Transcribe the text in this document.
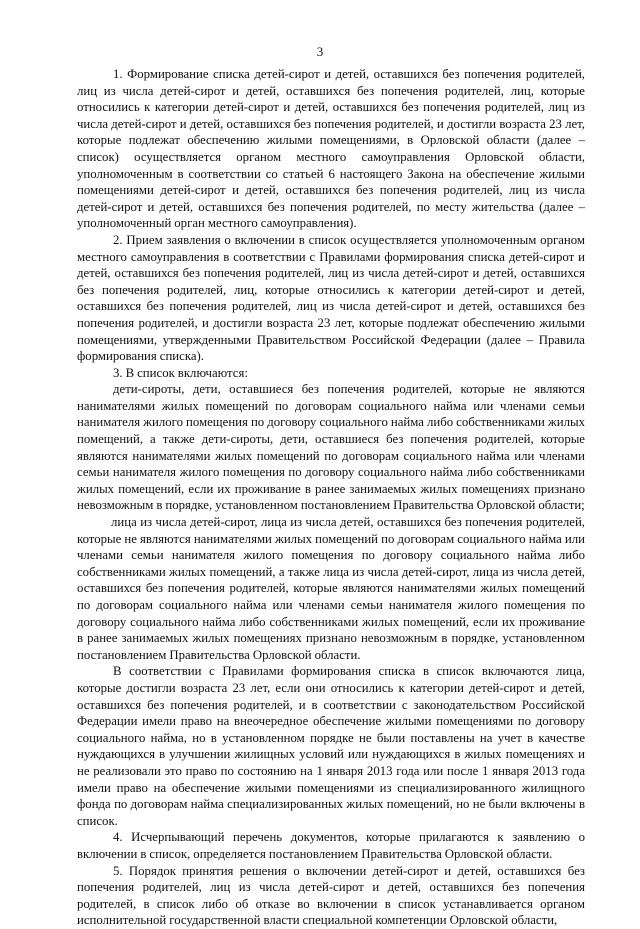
3

1. Формирование списка детей-сирот и детей, оставшихся без попечения родителей, лиц из числа детей-сирот и детей, оставшихся без попечения родителей, лиц, которые относились к категории детей-сирот и детей, оставшихся без попечения родителей, лиц из числа детей-сирот и детей, оставшихся без попечения родителей, и достигли возраста 23 лет, которые подлежат обеспечению жилыми помещениями, в Орловской области (далее – список) осуществляется органом местного самоуправления Орловской области, уполномоченным в соответствии со статьей 6 настоящего Закона на обеспечение жилыми помещениями детей-сирот и детей, оставшихся без попечения родителей, лиц из числа детей-сирот и детей, оставшихся без попечения родителей, по месту жительства (далее – уполномоченный орган местного самоуправления).

2. Прием заявления о включении в список осуществляется уполномоченным органом местного самоуправления в соответствии с Правилами формирования списка детей-сирот и детей, оставшихся без попечения родителей, лиц из числа детей-сирот и детей, оставшихся без попечения родителей, лиц, которые относились к категории детей-сирот и детей, оставшихся без попечения родителей, лиц из числа детей-сирот и детей, оставшихся без попечения родителей, и достигли возраста 23 лет, которые подлежат обеспечению жилыми помещениями, утвержденными Правительством Российской Федерации (далее – Правила формирования списка).

3. В список включаются:

дети-сироты, дети, оставшиеся без попечения родителей, которые не являются нанимателями жилых помещений по договорам социального найма или членами семьи нанимателя жилого помещения по договору социального найма либо собственниками жилых помещений, а также дети-сироты, дети, оставшиеся без попечения родителей, которые являются нанимателями жилых помещений по договорам социального найма или членами семьи нанимателя жилого помещения по договору социального найма либо собственниками жилых помещений, если их проживание в ранее занимаемых жилых помещениях признано невозможным в порядке, установленном постановлением Правительства Орловской области;

лица из числа детей-сирот, лица из числа детей, оставшихся без попечения родителей, которые не являются нанимателями жилых помещений по договорам социального найма или членами семьи нанимателя жилого помещения по договору социального найма либо собственниками жилых помещений, а также лица из числа детей-сирот, лица из числа детей, оставшихся без попечения родителей, которые являются нанимателями жилых помещений по договорам социального найма или членами семьи нанимателя жилого помещения по договору социального найма либо собственниками жилых помещений, если их проживание в ранее занимаемых жилых помещениях признано невозможным в порядке, установленном постановлением Правительства Орловской области.

В соответствии с Правилами формирования списка в список включаются лица, которые достигли возраста 23 лет, если они относились к категории детей-сирот и детей, оставшихся без попечения родителей, и в соответствии с законодательством Российской Федерации имели право на внеочередное обеспечение жилыми помещениями по договору социального найма, но в установленном порядке не были поставлены на учет в качестве нуждающихся в улучшении жилищных условий или нуждающихся в жилых помещениях и не реализовали это право по состоянию на 1 января 2013 года или после 1 января 2013 года имели право на обеспечение жилыми помещениями из специализированного жилищного фонда по договорам найма специализированных жилых помещений, но не были включены в список.

4. Исчерпывающий перечень документов, которые прилагаются к заявлению о включении в список, определяется постановлением Правительства Орловской области.

5. Порядок принятия решения о включении детей-сирот и детей, оставшихся без попечения родителей, лиц из числа детей-сирот и детей, оставшихся без попечения родителей, в список либо об отказе во включении в список устанавливается органом исполнительной государственной власти специальной компетенции Орловской области,
